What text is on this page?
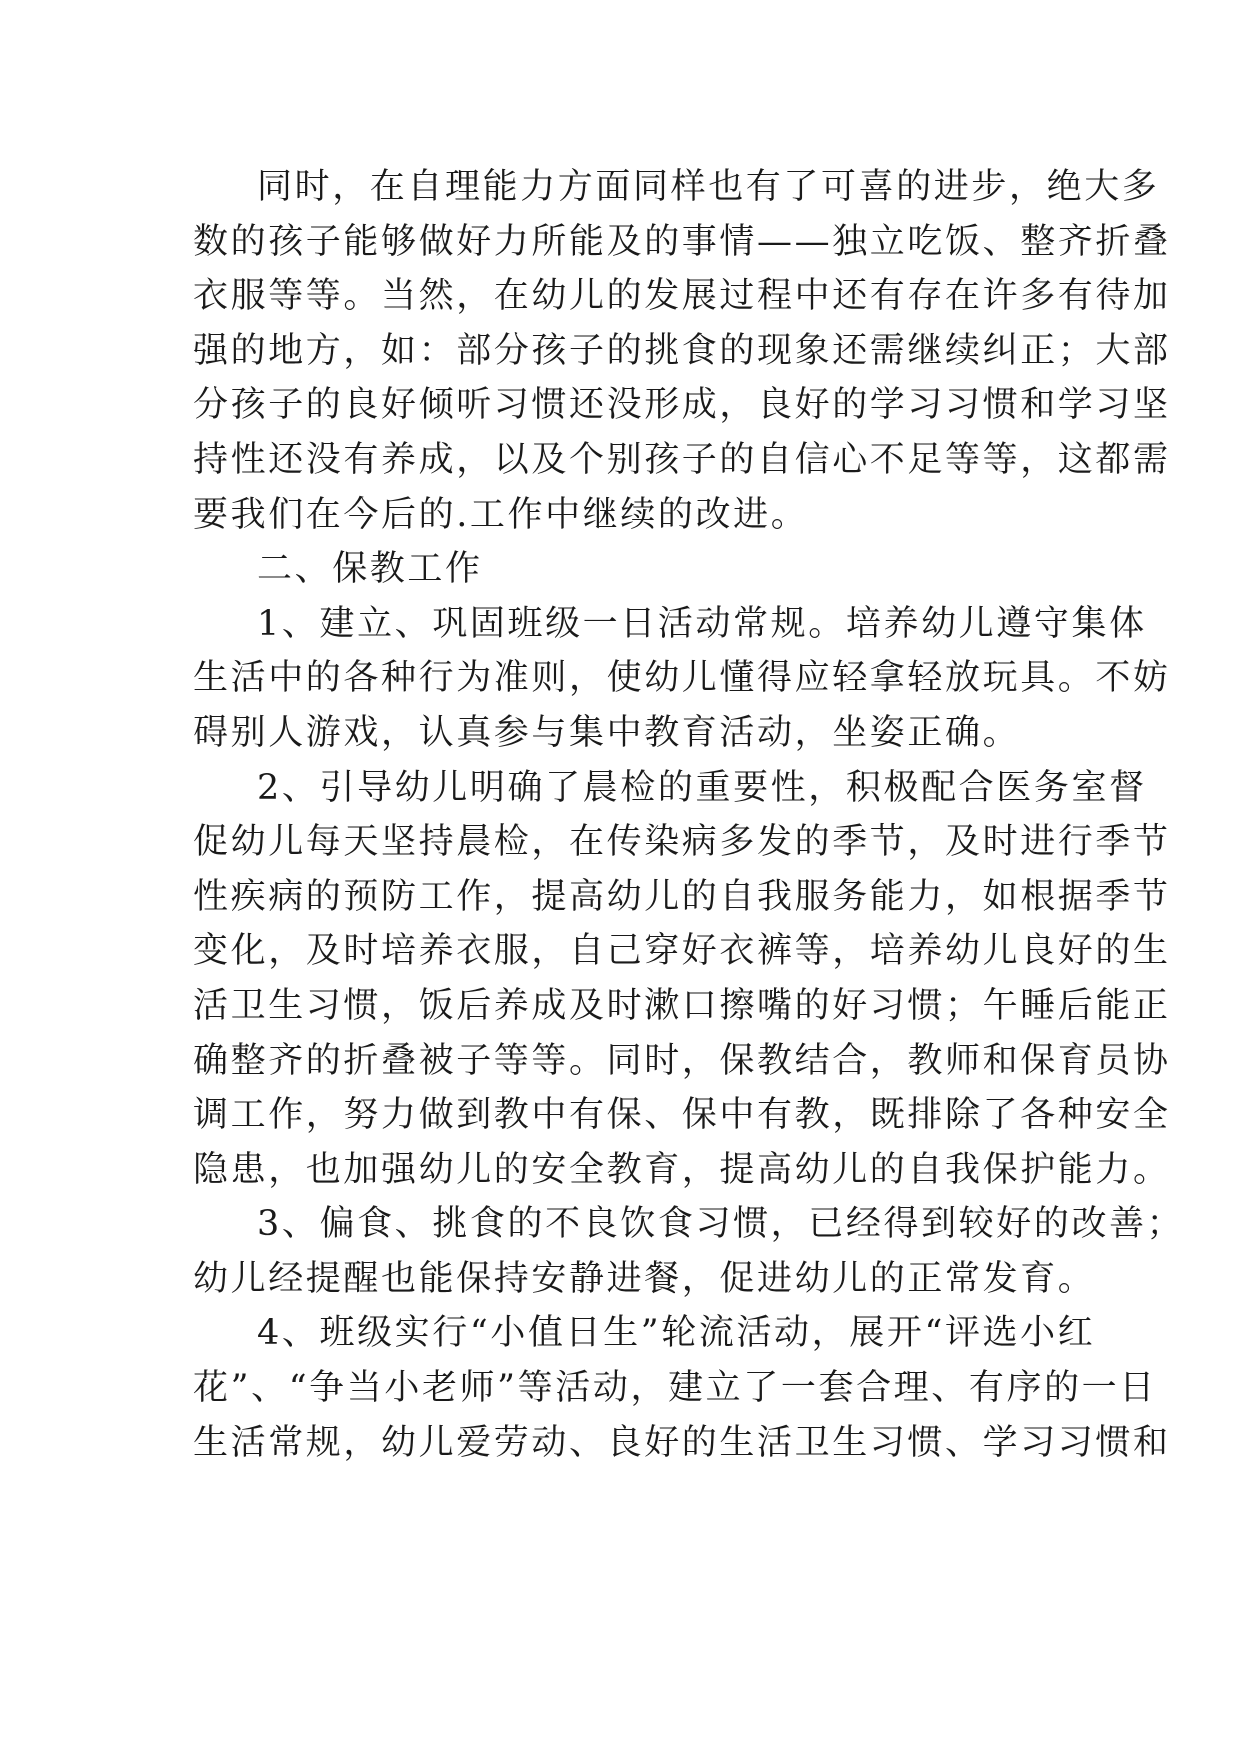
同时，在自理能力方面同样也有了可喜的进步，绝大多
数的孩子能够做好力所能及的事情——独立吃饭、整齐折叠
衣服等等。当然，在幼儿的发展过程中还有存在许多有待加
强的地方，如：部分孩子的挑食的现象还需继续纠正；大部
分孩子的良好倾听习惯还没形成，良好的学习习惯和学习坚
持性还没有养成，以及个别孩子的自信心不足等等，这都需
要我们在今后的.工作中继续的改进。
二、保教工作
1、建立、巩固班级一日活动常规。培养幼儿遵守集体
生活中的各种行为准则，使幼儿懂得应轻拿轻放玩具。不妨
碍别人游戏，认真参与集中教育活动，坐姿正确。
2、引导幼儿明确了晨检的重要性，积极配合医务室督
促幼儿每天坚持晨检，在传染病多发的季节，及时进行季节
性疾病的预防工作，提高幼儿的自我服务能力，如根据季节
变化，及时培养衣服，自己穿好衣裤等，培养幼儿良好的生
活卫生习惯，饭后养成及时漱口擦嘴的好习惯；午睡后能正
确整齐的折叠被子等等。同时，保教结合，教师和保育员协
调工作，努力做到教中有保、保中有教，既排除了各种安全
隐患，也加强幼儿的安全教育，提高幼儿的自我保护能力。
3、偏食、挑食的不良饮食习惯，已经得到较好的改善；
幼儿经提醒也能保持安静进餐，促进幼儿的正常发育。
4、班级实行“小值日生”轮流活动，展开“评选小红
花”、“争当小老师”等活动，建立了一套合理、有序的一日
生活常规，幼儿爱劳动、良好的生活卫生习惯、学习习惯和
